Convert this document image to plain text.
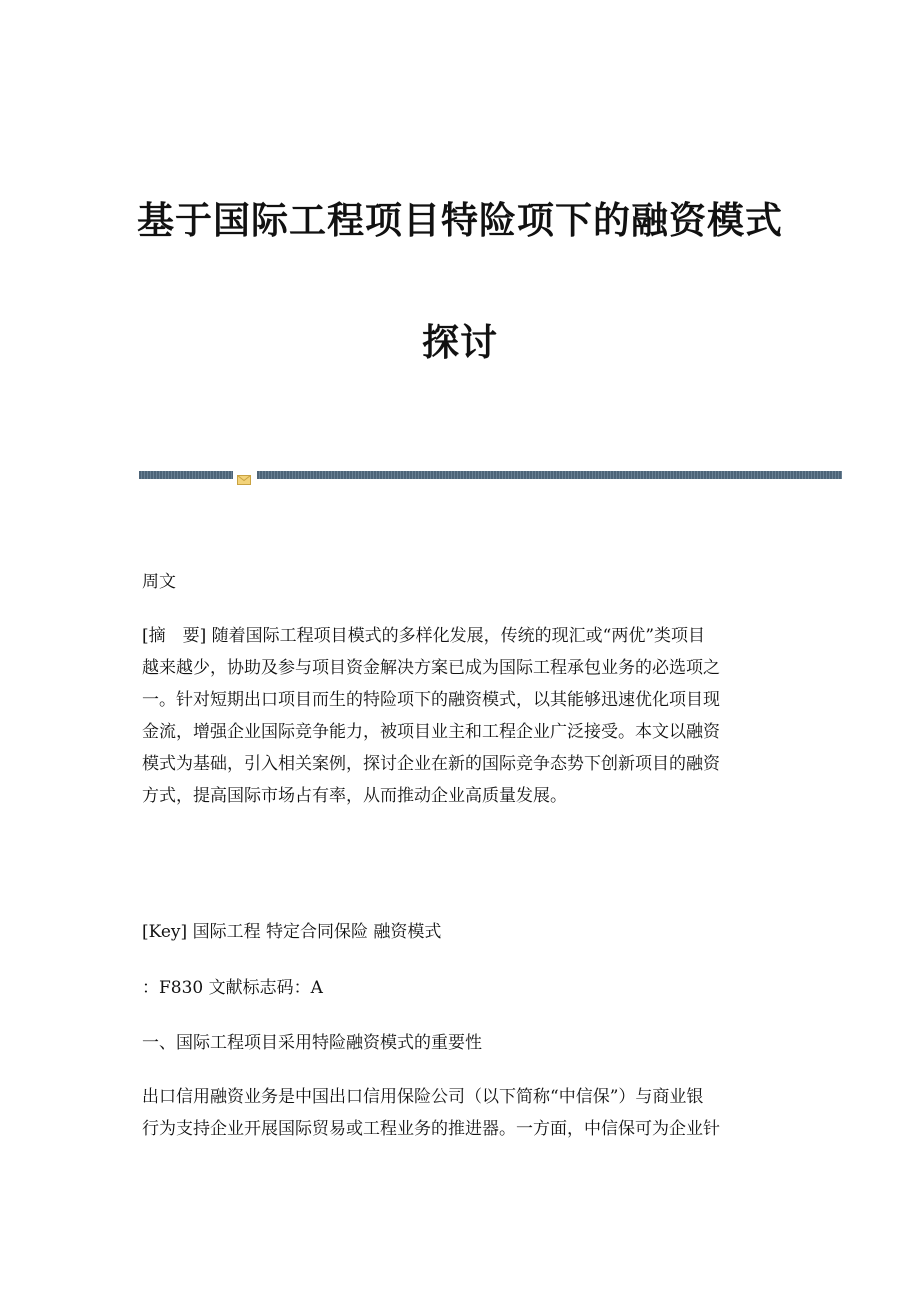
基于国际工程项目特险项下的融资模式
探讨
周文
[摘　要] 随着国际工程项目模式的多样化发展，传统的现汇或“两优”类项目
越来越少，协助及参与项目资金解决方案已成为国际工程承包业务的必选项之
一。针对短期出口项目而生的特险项下的融资模式，以其能够迅速优化项目现
金流，增强企业国际竞争能力，被项目业主和工程企业广泛接受。本文以融资
模式为基础，引入相关案例，探讨企业在新的国际竞争态势下创新项目的融资
方式，提高国际市场占有率，从而推动企业高质量发展。
[Key] 国际工程 特定合同保险 融资模式
：F830 文献标志码：A
一、国际工程项目采用特险融资模式的重要性
出口信用融资业务是中国出口信用保险公司（以下简称“中信保”）与商业银
行为支持企业开展国际贸易或工程业务的推进器。一方面，中信保可为企业针
